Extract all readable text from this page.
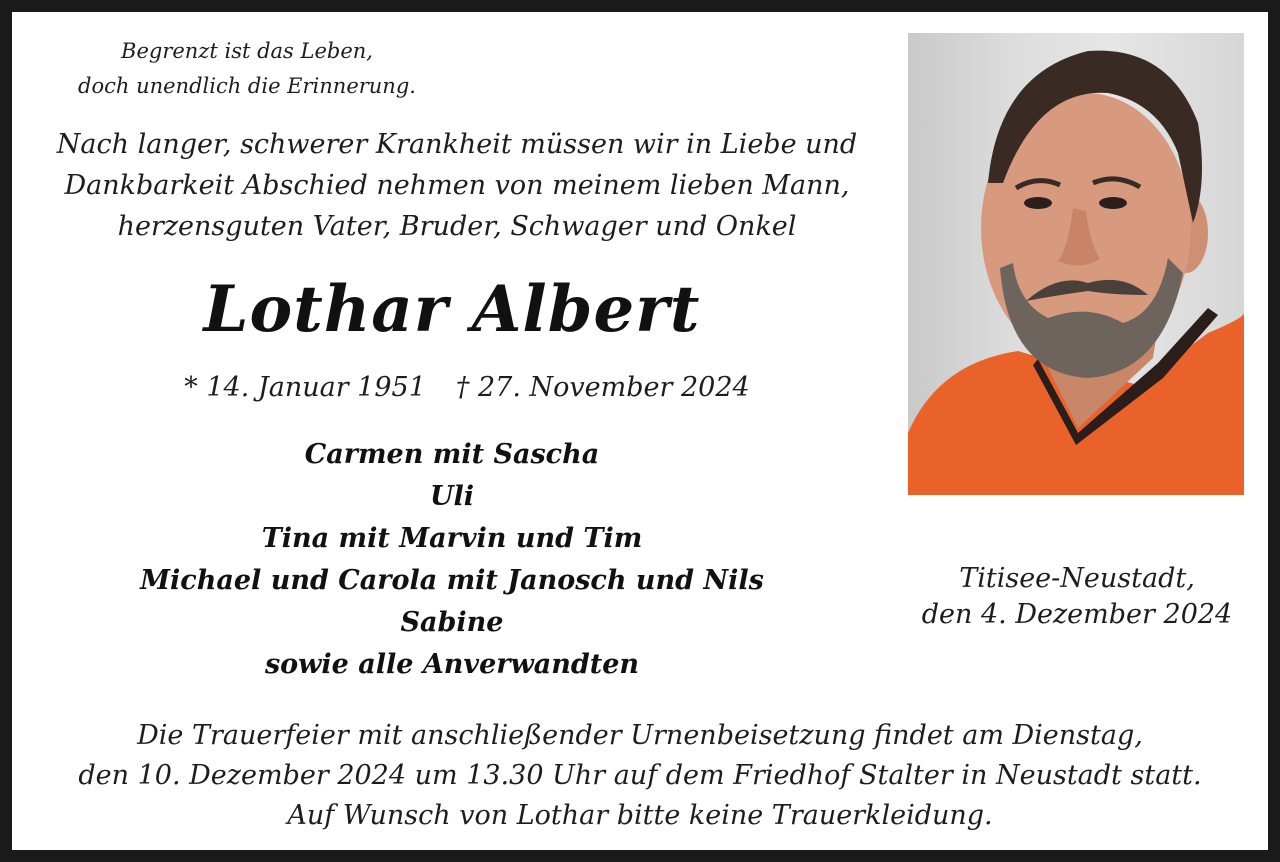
Begrenzt ist das Leben,
doch unendlich die Erinnerung.
Nach langer, schwerer Krankheit müssen wir in Liebe und
Dankbarkeit Abschied nehmen von meinem lieben Mann,
herzensguten Vater, Bruder, Schwager und Onkel
Lothar Albert
* 14. Januar 1951 † 27. November 2024
Carmen mit Sascha
Uli
Tina mit Marvin und Tim
Michael und Carola mit Janosch und Nils
Sabine
sowie alle Anverwandten
Titisee-Neustadt,
den 4. Dezember 2024
Die Trauerfeier mit anschließender Urnenbeisetzung findet am Dienstag,
den 10. Dezember 2024 um 13.30 Uhr auf dem Friedhof Stalter in Neustadt statt.
Auf Wunsch von Lothar bitte keine Trauerkleidung.
